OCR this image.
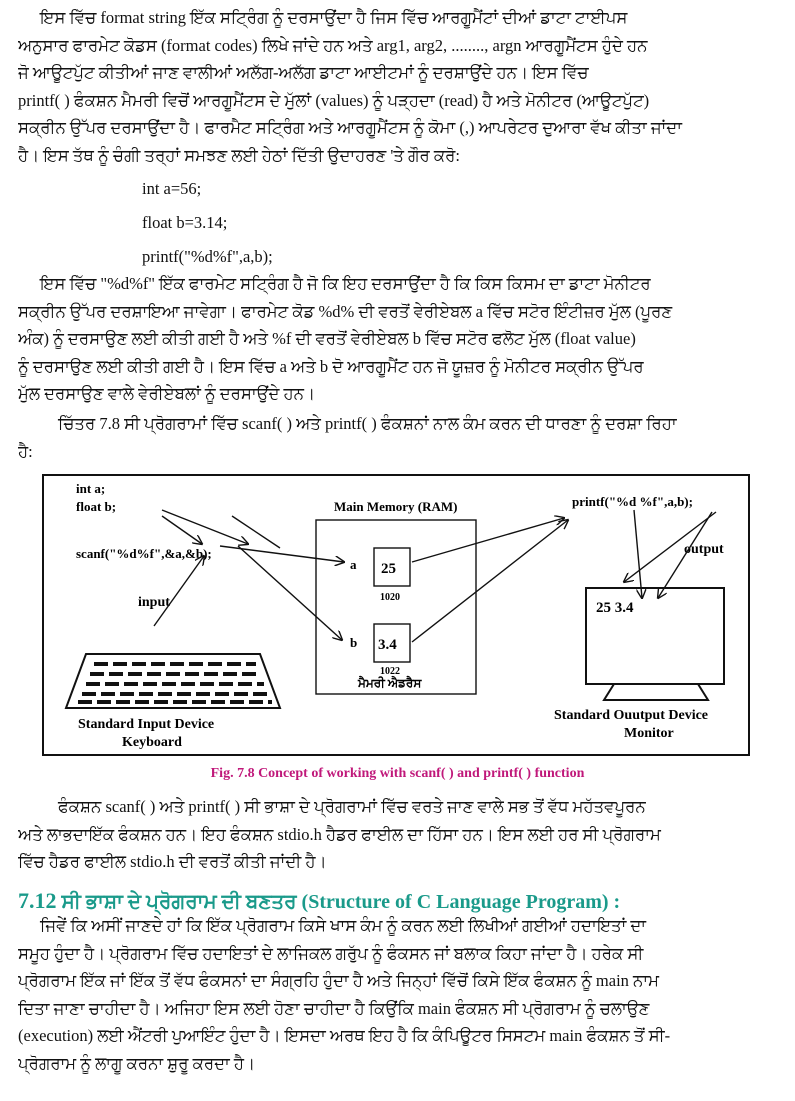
ਇਸ ਵਿੱਚ format string ਇੱਕ ਸਟ੍ਰਿੰਗ ਨੂੰ ਦਰਸਾਉਂਦਾ ਹੈ ਜਿਸ ਵਿੱਚ ਆਰਗੂਮੈਂਟਾਂ ਦੀਆਂ ਡਾਟਾ ਟਾਈਪਸ
ਅਨੁਸਾਰ ਫਾਰਮੇਟ ਕੋਡਸ (format codes) ਲਿਖੇ ਜਾਂਦੇ ਹਨ ਅਤੇ arg1, arg2, ........, argn ਆਰਗੂਮੈਂਟਸ ਹੁੰਦੇ ਹਨ
ਜੋ ਆਊਟਪੁੱਟ ਕੀਤੀਆਂ ਜਾਣ ਵਾਲੀਆਂ ਅਲੱਗ-ਅਲੱਗ ਡਾਟਾ ਆਈਟਮਾਂ ਨੂੰ ਦਰਸ਼ਾਉਂਦੇ ਹਨ। ਇਸ ਵਿੱਚ
printf( ) ਫੰਕਸ਼ਨ ਮੈਮਰੀ ਵਿਚੋਂ ਆਰਗੂਮੈਂਟਸ ਦੇ ਮੁੱਲਾਂ (values) ਨੂੰ ਪੜ੍ਹਦਾ (read) ਹੈ ਅਤੇ ਮੋਨੀਟਰ (ਆਊਟਪੁੱਟ)
ਸਕ੍ਰੀਨ ਉੱਪਰ ਦਰਸਾਉਂਦਾ ਹੈ। ਫਾਰਮੈਟ ਸਟ੍ਰਿੰਗ ਅਤੇ ਆਰਗੂਮੈਂਟਸ ਨੂੰ ਕੋਮਾ (,) ਆਪਰੇਟਰ ਦੁਆਰਾ ਵੱਖ ਕੀਤਾ ਜਾਂਦਾ
ਹੈ। ਇਸ ਤੱਥ ਨੂੰ ਚੰਗੀ ਤਰ੍ਹਾਂ ਸਮਝਣ ਲਈ ਹੇਠਾਂ ਦਿੱਤੀ ਉਦਾਹਰਣ 'ਤੇ ਗੌਰ ਕਰੋ:

int a=56;
float b=3.14;
printf("%d%f",a,b);

ਇਸ ਵਿੱਚ "%d%f" ਇੱਕ ਫਾਰਮੇਟ ਸਟ੍ਰਿੰਗ ਹੈ ਜੋ ਕਿ ਇਹ ਦਰਸਾਉਂਦਾ ਹੈ ਕਿ ਕਿਸ ਕਿਸਮ ਦਾ ਡਾਟਾ ਮੋਨੀਟਰ
ਸਕ੍ਰੀਨ ਉੱਪਰ ਦਰਸ਼ਾਇਆ ਜਾਵੇਗਾ। ਫਾਰਮੇਟ ਕੋਡ %d% ਦੀ ਵਰਤੋਂ ਵੇਰੀਏਬਲ a ਵਿੱਚ ਸਟੋਰ ਇੰਟੀਜ਼ਰ ਮੁੱਲ (ਪੂਰਣ
ਅੰਕ) ਨੂੰ ਦਰਸਾਉਣ ਲਈ ਕੀਤੀ ਗਈ ਹੈ ਅਤੇ %f ਦੀ ਵਰਤੋਂ ਵੇਰੀਏਬਲ b ਵਿੱਚ ਸਟੋਰ ਫਲੋਟ ਮੁੱਲ (float value)
ਨੂੰ ਦਰਸਾਉਣ ਲਈ ਕੀਤੀ ਗਈ ਹੈ। ਇਸ ਵਿੱਚ a ਅਤੇ b ਦੋ ਆਰਗੂਮੈਂਟ ਹਨ ਜੋ ਯੂਜ਼ਰ ਨੂੰ ਮੋਨੀਟਰ ਸਕ੍ਰੀਨ ਉੱਪਰ
ਮੁੱਲ ਦਰਸਾਉਣ ਵਾਲੇ ਵੇਰੀਏਬਲਾਂ ਨੂੰ ਦਰਸਾਉਂਦੇ ਹਨ।

ਚਿੱਤਰ 7.8 ਸੀ ਪ੍ਰੋਗਰਾਮਾਂ ਵਿੱਚ scanf( ) ਅਤੇ printf( ) ਫੰਕਸ਼ਨਾਂ ਨਾਲ ਕੰਮ ਕਰਨ ਦੀ ਧਾਰਣਾ ਨੂੰ ਦਰਸ਼ਾ ਰਿਹਾ
ਹੈ:

int a;
float b;
scanf("%d%f",&a,&b);
input
Standard Input Device
Keyboard
Main Memory (RAM)
a 25
1020
b 3.4
1022
ਮੈਮਰੀ ਐਡਰੈਸ
printf("%d %f",a,b);
output
25 3.4
Standard Ouutput Device
Monitor
Fig. 7.8 Concept of working with scanf( ) and printf( ) function

ਫੰਕਸ਼ਨ scanf( ) ਅਤੇ printf( ) ਸੀ ਭਾਸ਼ਾ ਦੇ ਪ੍ਰੋਗਰਾਮਾਂ ਵਿੱਚ ਵਰਤੇ ਜਾਣ ਵਾਲੇ ਸਭ ਤੋਂ ਵੱਧ ਮਹੱਤਵਪੂਰਨ
ਅਤੇ ਲਾਭਦਾਇੱਕ ਫੰਕਸ਼ਨ ਹਨ। ਇਹ ਫੰਕਸ਼ਨ stdio.h ਹੈਡਰ ਫਾਈਲ ਦਾ ਹਿੱਸਾ ਹਨ। ਇਸ ਲਈ ਹਰ ਸੀ ਪ੍ਰੋਗਰਾਮ
ਵਿੱਚ ਹੈਡਰ ਫਾਈਲ stdio.h ਦੀ ਵਰਤੋਂ ਕੀਤੀ ਜਾਂਦੀ ਹੈ।

7.12 ਸੀ ਭਾਸ਼ਾ ਦੇ ਪ੍ਰੋਗਰਾਮ ਦੀ ਬਣਤਰ (Structure of C Language Program) :

ਜਿਵੇਂ ਕਿ ਅਸੀਂ ਜਾਣਦੇ ਹਾਂ ਕਿ ਇੱਕ ਪ੍ਰੋਗਰਾਮ ਕਿਸੇ ਖਾਸ ਕੰਮ ਨੂੰ ਕਰਨ ਲਈ ਲਿਖੀਆਂ ਗਈਆਂ ਹਦਾਇਤਾਂ ਦਾ
ਸਮੂਹ ਹੁੰਦਾ ਹੈ। ਪ੍ਰੋਗਰਾਮ ਵਿੱਚ ਹਦਾਇਤਾਂ ਦੇ ਲਾਜਿਕਲ ਗਰੁੱਪ ਨੂੰ ਫੰਕਸਨ ਜਾਂ ਬਲਾਕ ਕਿਹਾ ਜਾਂਦਾ ਹੈ। ਹਰੇਕ ਸੀ
ਪ੍ਰੋਗਰਾਮ ਇੱਕ ਜਾਂ ਇੱਕ ਤੋਂ ਵੱਧ ਫੰਕਸਨਾਂ ਦਾ ਸੰਗ੍ਰਹਿ ਹੁੰਦਾ ਹੈ ਅਤੇ ਜਿਨ੍ਹਾਂ ਵਿੱਚੋਂ ਕਿਸੇ ਇੱਕ ਫੰਕਸ਼ਨ ਨੂੰ main ਨਾਮ
ਦਿਤਾ ਜਾਣਾ ਚਾਹੀਦਾ ਹੈ। ਅਜਿਹਾ ਇਸ ਲਈ ਹੋਣਾ ਚਾਹੀਦਾ ਹੈ ਕਿਉਂਕਿ main ਫੰਕਸ਼ਨ ਸੀ ਪ੍ਰੋਗਰਾਮ ਨੂੰ ਚਲਾਉਣ
(execution) ਲਈ ਐਂਟਰੀ ਪੁਆਇੰਟ ਹੁੰਦਾ ਹੈ। ਇਸਦਾ ਅਰਥ ਇਹ ਹੈ ਕਿ ਕੰਪਿਊਟਰ ਸਿਸਟਮ main ਫੰਕਸ਼ਨ ਤੋਂ ਸੀ-
ਪ੍ਰੋਗਰਾਮ ਨੂੰ ਲਾਗੂ ਕਰਨਾ ਸ਼ੁਰੂ ਕਰਦਾ ਹੈ।
